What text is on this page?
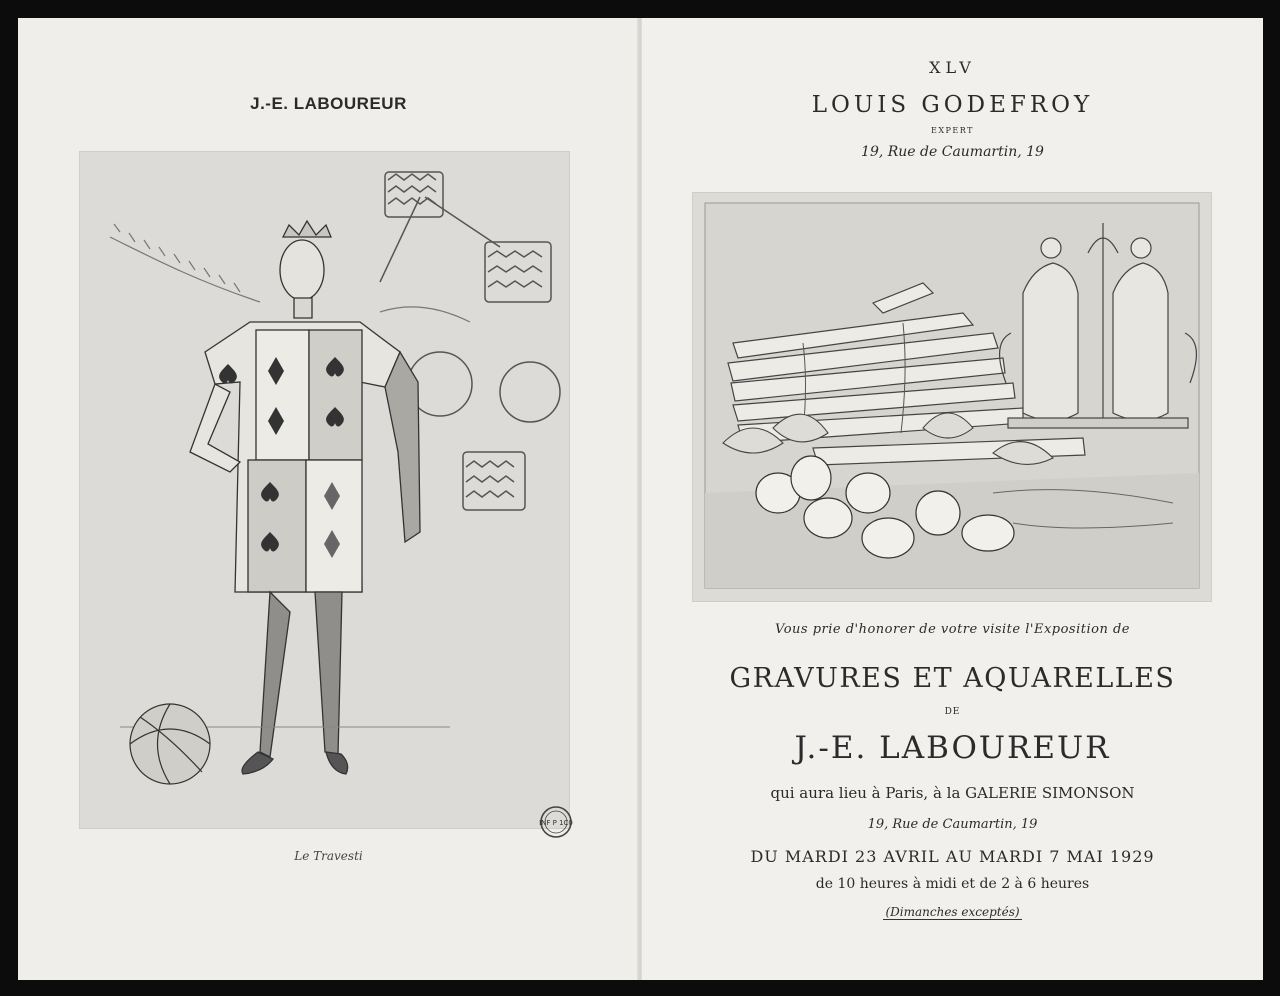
J.-E. LABOUREUR
Le Travesti
INF P 1C0
XLV
LOUIS GODEFROY
EXPERT
19, Rue de Caumartin, 19
Vous prie d'honorer de votre visite l'Exposition de
GRAVURES ET AQUARELLES
DE
J.-E. LABOUREUR
qui aura lieu à Paris, à la GALERIE SIMONSON
19, Rue de Caumartin, 19
DU MARDI 23 AVRIL AU MARDI 7 MAI 1929
de 10 heures à midi et de 2 à 6 heures
(Dimanches exceptés)
